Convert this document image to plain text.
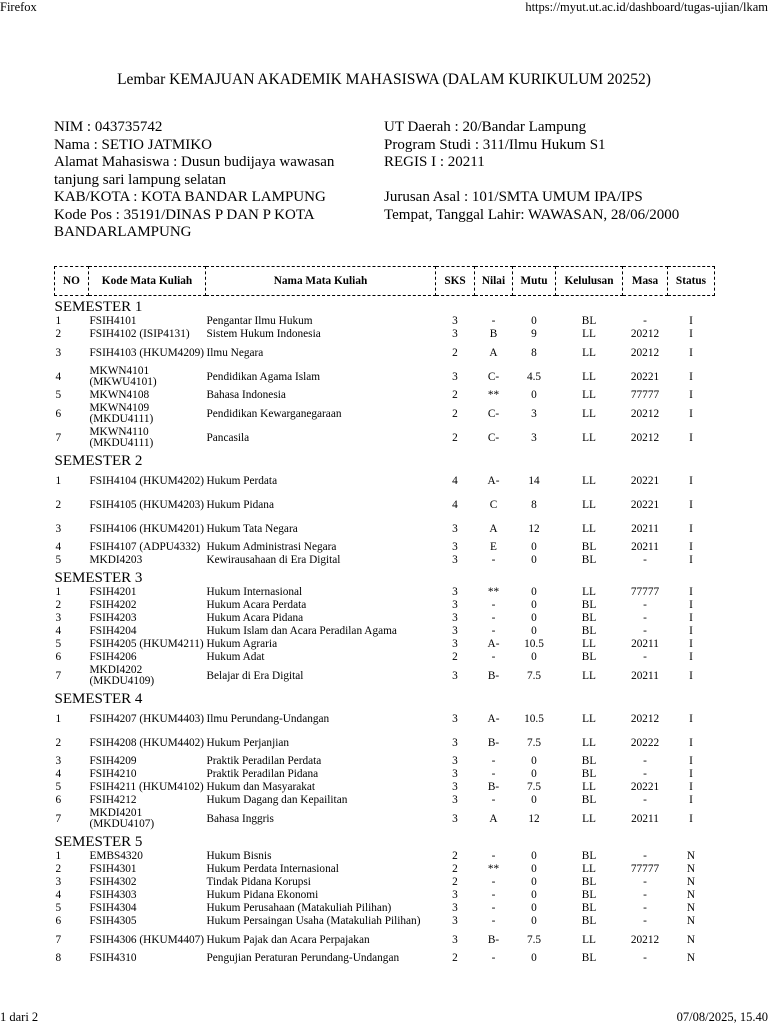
Firefox	https://myut.ut.ac.id/dashboard/tugas-ujian/lkam
Lembar KEMAJUAN AKADEMIK MAHASISWA (DALAM KURIKULUM 20252)
NIM : 043735742
Nama : SETIO JATMIKO
Alamat Mahasiswa : Dusun budijaya wawasan tanjung sari lampung selatan
KAB/KOTA : KOTA BANDAR LAMPUNG
Kode Pos : 35191/DINAS P DAN P KOTA BANDARLAMPUNG
UT Daerah : 20/Bandar Lampung
Program Studi : 311/Ilmu Hukum S1
REGIS I : 20211
Jurusan Asal : 101/SMTA UMUM IPA/IPS
Tempat, Tanggal Lahir: WAWASAN, 28/06/2000
NO	Kode Mata Kuliah	Nama Mata Kuliah	SKS	Nilai	Mutu	Kelulusan	Masa	Status
SEMESTER 1								
1	FSIH4101	Pengantar Ilmu Hukum	3	-	0	BL	-	I
2	FSIH4102 (ISIP4131)	Sistem Hukum Indonesia	3	B	9	LL	20212	I
3	FSIH4103 (HKUM4209)	Ilmu Negara	2	A	8	LL	20212	I
4	MKWN4101 (MKWU4101)	Pendidikan Agama Islam	3	C-	4.5	LL	20221	I
5	MKWN4108	Bahasa Indonesia	2	**	0	LL	77777	I
6	MKWN4109 (MKDU4111)	Pendidikan Kewarganegaraan	2	C-	3	LL	20212	I
7	MKWN4110 (MKDU4111)	Pancasila	2	C-	3	LL	20212	I
SEMESTER 2								
1	FSIH4104 (HKUM4202)	Hukum Perdata	4	A-	14	LL	20221	I
2	FSIH4105 (HKUM4203)	Hukum Pidana	4	C	8	LL	20221	I
3	FSIH4106 (HKUM4201)	Hukum Tata Negara	3	A	12	LL	20211	I
4	FSIH4107 (ADPU4332)	Hukum Administrasi Negara	3	E	0	BL	20211	I
5	MKDI4203	Kewirausahaan di Era Digital	3	-	0	BL	-	I
SEMESTER 3								
1	FSIH4201	Hukum Internasional	3	**	0	LL	77777	I
2	FSIH4202	Hukum Acara Perdata	3	-	0	BL	-	I
3	FSIH4203	Hukum Acara Pidana	3	-	0	BL	-	I
4	FSIH4204	Hukum Islam dan Acara Peradilan Agama	3	-	0	BL	-	I
5	FSIH4205 (HKUM4211)	Hukum Agraria	3	A-	10.5	LL	20211	I
6	FSIH4206	Hukum Adat	2	-	0	BL	-	I
7	MKDI4202 (MKDU4109)	Belajar di Era Digital	3	B-	7.5	LL	20211	I
SEMESTER 4								
1	FSIH4207 (HKUM4403)	Ilmu Perundang-Undangan	3	A-	10.5	LL	20212	I
2	FSIH4208 (HKUM4402)	Hukum Perjanjian	3	B-	7.5	LL	20222	I
3	FSIH4209	Praktik Peradilan Perdata	3	-	0	BL	-	I
4	FSIH4210	Praktik Peradilan Pidana	3	-	0	BL	-	I
5	FSIH4211 (HKUM4102)	Hukum dan Masyarakat	3	B-	7.5	LL	20221	I
6	FSIH4212	Hukum Dagang dan Kepailitan	3	-	0	BL	-	I
7	MKDI4201 (MKDU4107)	Bahasa Inggris	3	A	12	LL	20211	I
SEMESTER 5								
1	EMBS4320	Hukum Bisnis	2	-	0	BL	-	N
2	FSIH4301	Hukum Perdata Internasional	2	**	0	LL	77777	N
3	FSIH4302	Tindak Pidana Korupsi	2	-	0	BL	-	N
4	FSIH4303	Hukum Pidana Ekonomi	3	-	0	BL	-	N
5	FSIH4304	Hukum Perusahaan (Matakuliah Pilihan)	3	-	0	BL	-	N
6	FSIH4305	Hukum Persaingan Usaha (Matakuliah Pilihan)	3	-	0	BL	-	N
7	FSIH4306 (HKUM4407)	Hukum Pajak dan Acara Perpajakan	3	B-	7.5	LL	20212	N
8	FSIH4310	Pengujian Peraturan Perundang-Undangan	2	-	0	BL	-	N
1 dari 2	07/08/2025, 15.40
